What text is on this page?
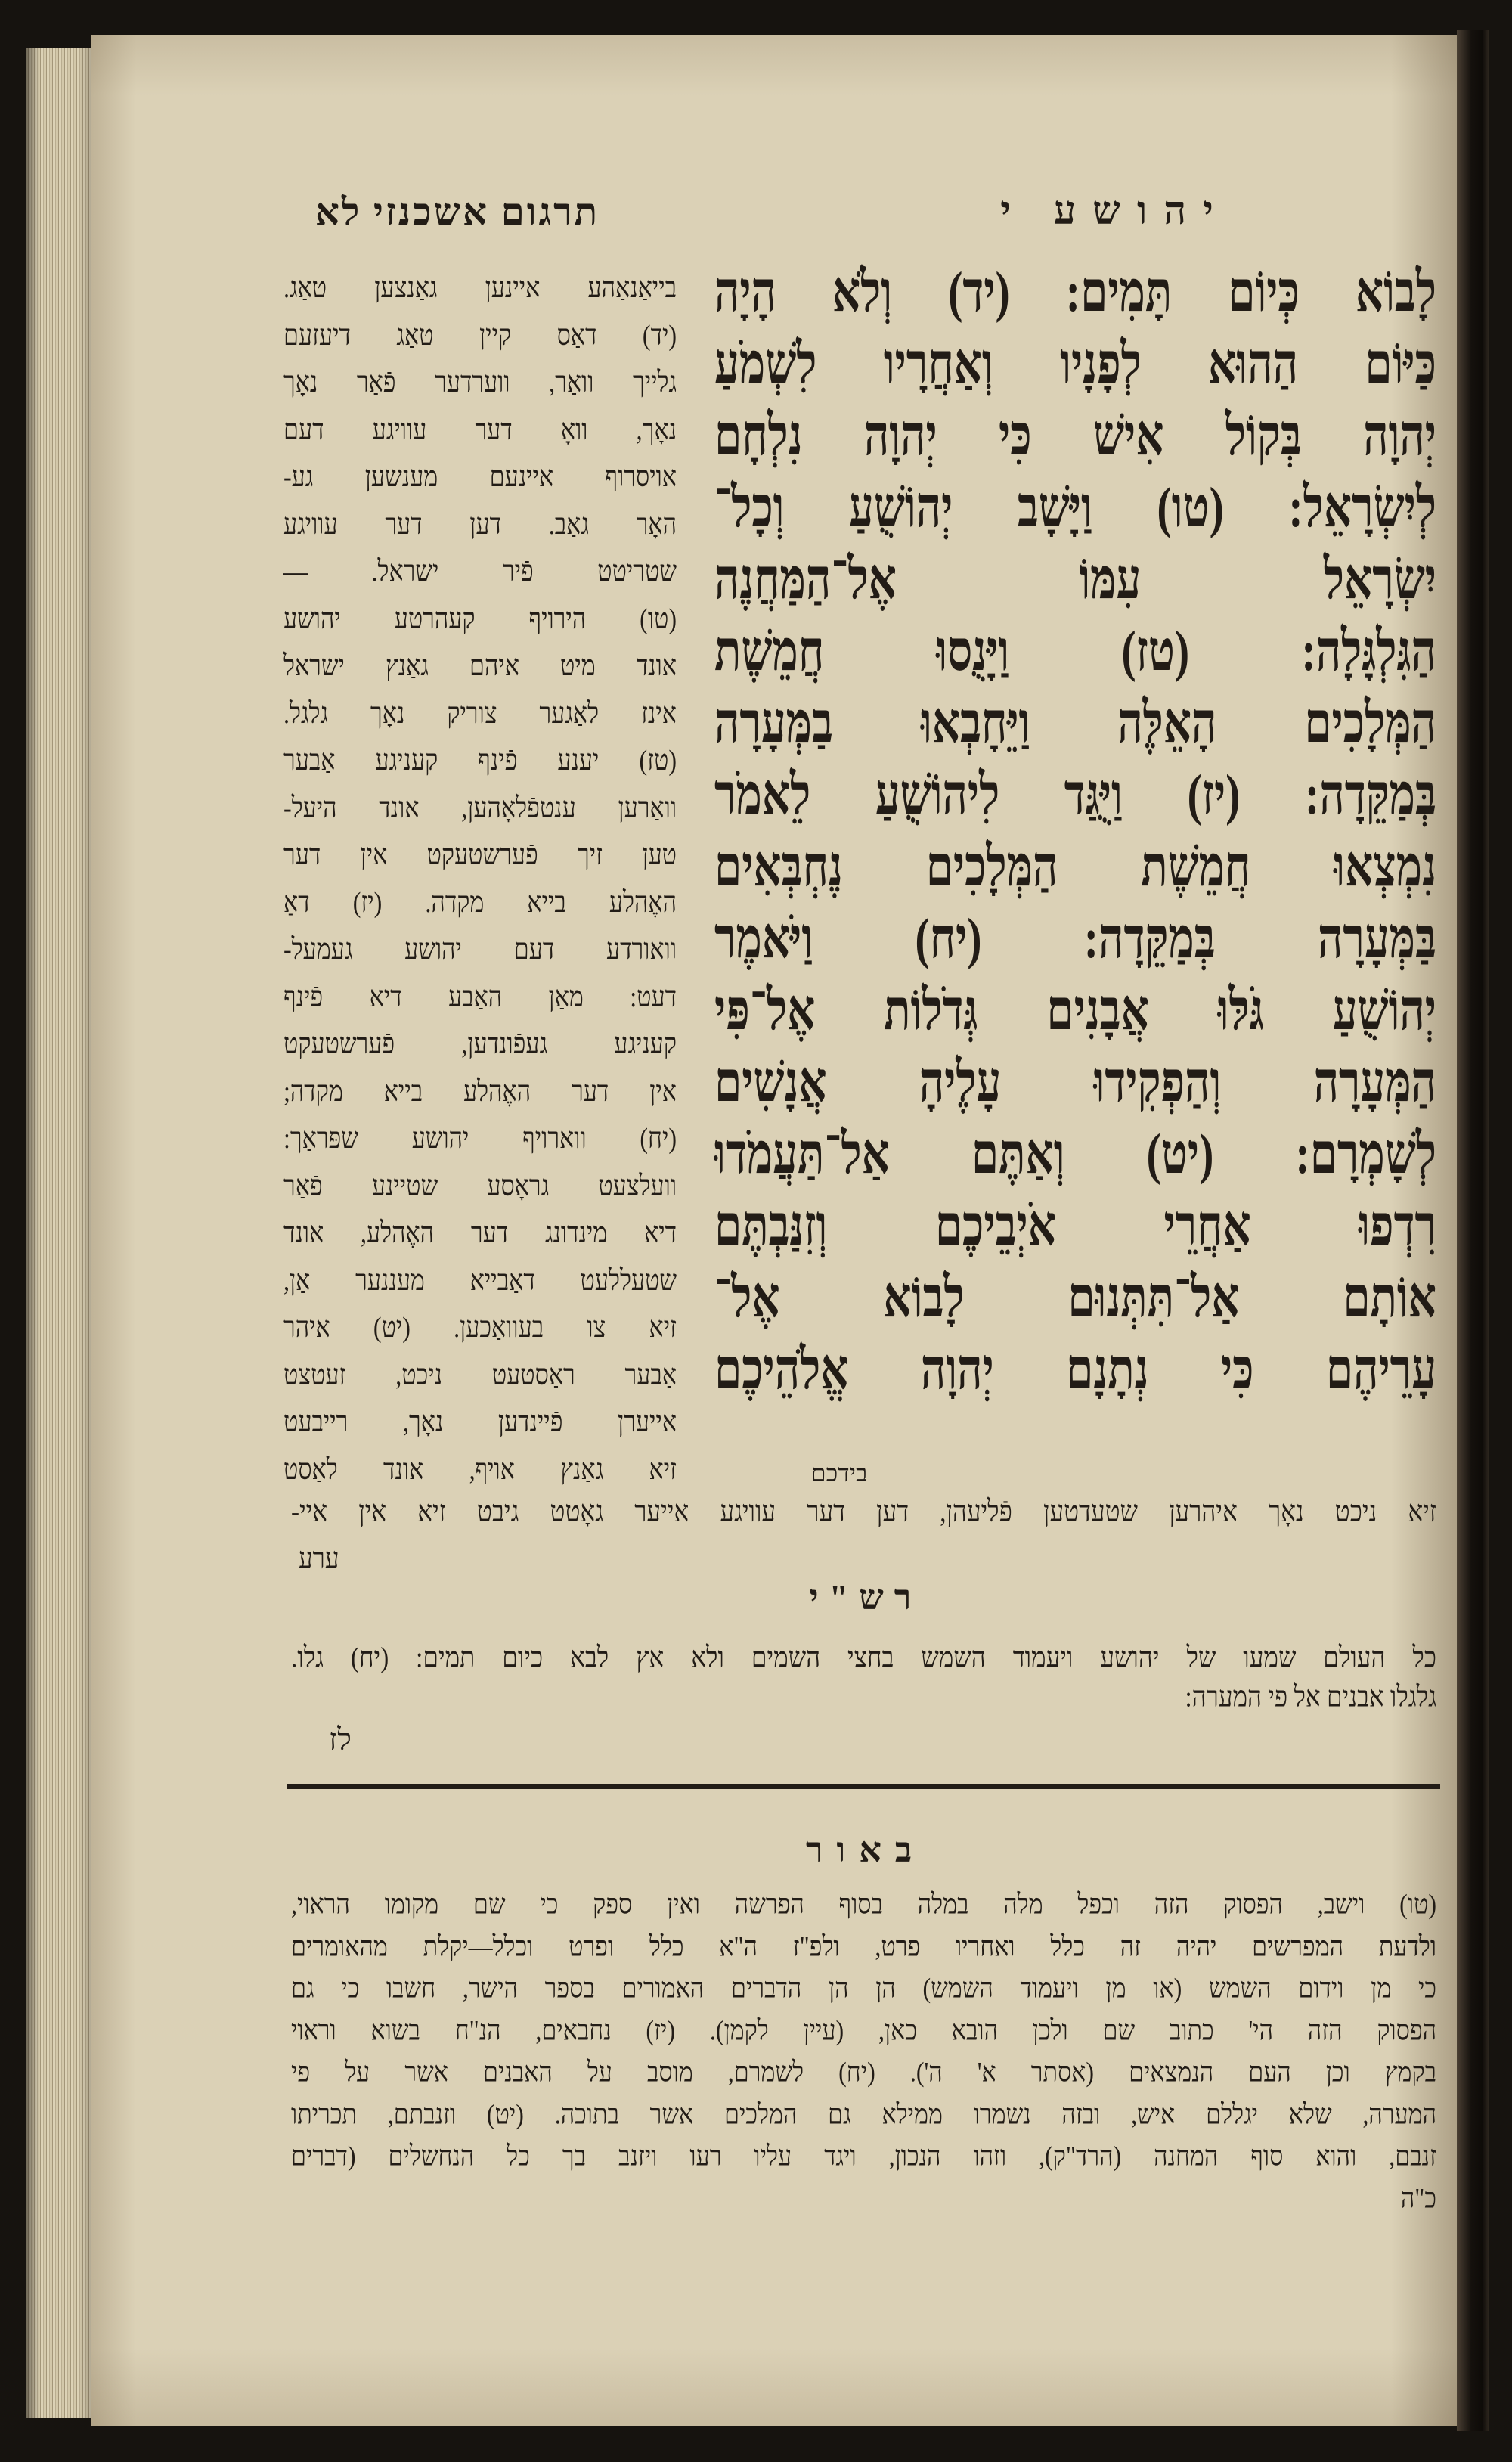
יהושע י
תרגום אשכנזי לא
לָבוֹא כְּיוֹם תָּמִים: (יד) וְלֹא הָיָה
כַּיּוֹם הַהוּא לְפָנָיו וְאַחֲרָיו לִשְׁמֹעַ
יְהוָה בְּקוֹל אִישׁ כִּי יְהוָה נִלְחָם
לְיִשְׂרָאֵל: (טו) וַיָּשָׁב יְהוֹשֻׁעַ וְכָל־
יִשְׂרָאֵל עִמּוֹ אֶל־הַמַּחֲנֶה
הַגִּלְגָּלָה: (טז) וַיָּנֻסוּ חֲמֵשֶׁת
הַמְּלָכִים הָאֵלֶּה וַיֵּחָבְאוּ בַמְּעָרָה
בְּמַקֵּדָה: (יז) וַיֻּגַּד לִיהוֹשֻׁעַ לֵאמֹר
נִמְצְאוּ חֲמֵשֶׁת הַמְּלָכִים נֶחְבְּאִים
בַּמְּעָרָה בְּמַקֵּדָה: (יח) וַיֹּאמֶר
יְהוֹשֻׁעַ גֹּלּוּ אֲבָנִים גְּדֹלוֹת אֶל־פִּי
הַמְּעָרָה וְהַפְקִידוּ עָלֶיהָ אֲנָשִׁים
לְשָׁמְרָם: (יט) וְאַתֶּם אַל־תַּעֲמֹדוּ
רִדְפוּ אַחֲרֵי אֹיְבֵיכֶם וְזִנַּבְתֶּם
אוֹתָם אַל־תִּתְּנוּם לָבוֹא אֶל־
עָרֵיהֶם כִּי נְתָנָם יְהוָה אֱלֹהֵיכֶם
בידכם
בייאַנאַהע איינען גאַנצען טאַג.
(יד) דאַס קיין טאַג דיעזעם
גלייך וואַר, ווערדער פֿאַר נאָך
נאָך, וואָ דער עוויגע דעם
אויסרוף איינעם מענשען גע-
האָר גאַב. דען דער עוויגע
שטריטט פֿיר ישראל. —
(טו) הירויף קעהרטע יהושע
אונד מיט איהם גאַנץ ישראל
אינז לאַגער צוריק נאָך גלגל.
(טז) יענע פֿינף קעניגע אַבער
וואַרען ענטפֿלאָהען, אונד היעל-
טען זיך פֿערשטעקט אין דער
האֶהלע בייא מקדה. (יז) דאַ
וואורדע דעם יהושע געמעל-
דעט: מאַן האַבע דיא פֿינף
קעניגע געפֿונדען, פֿערשטעקט
אין דער האֶהלע בייא מקדה;
(יח) ווארויף יהושע שפּראַך:
וועלצעט גראָסע שטיינע פֿאַר
דיא מינדונג דער האֶהלע, אונד
שטעללעט דאַבייא מעננער אַן,
זיא צו בעוואַכען. (יט) איהר
אַבער ראַסטעט ניכט, זעטצט
אייערן פֿיינדען נאָך, רייבעט
זיא גאַנץ אויף, אונד לאַסט
זיא ניכט נאָך איהרען שטעדטען פֿליעהן, דען דער עוויגע אייער גאָטט גיבט זיא אין איי-
ערע
רש"י
כל העולם שמעו של יהושע ויעמוד השמש בחצי השמים ולא אץ לבא כיום תמים: (יח) גלו.
גלגלו אבנים אל פי המערה:
לז
באור
(טו) וישב, הפסוק הזה וכפל מלה במלה בסוף הפרשה ואין ספק כי שם מקומו הראוי,
ולדעת המפרשים יהיה זה כלל ואחריו פרט, ולפ"ז ה"א כלל ופרט וכלל—יקלת מהאומרים
כי מן וידום השמש (או מן ויעמוד השמש) הן הן הדברים האמורים בספר הישר, חשבו כי גם
הפסוק הזה הי' כתוב שם ולכן הובא כאן, (עיין לקמן). (יז) נחבאים, הנ"ח בשוא וראוי
בקמץ וכן העם הנמצאים (אסתר א' ה'). (יח) לשמרם, מוסב על האבנים אשר על פי
המערה, שלא יגללם איש, ובזה נשמרו ממילא גם המלכים אשר בתוכה. (יט) וזנבתם, תכריתו
זנבם, והוא סוף המחנה (הרד"ק), וזהו הנכון, ויגד עליו רעו ויזנב בך כל הנחשלים (דברים
כ"ה
